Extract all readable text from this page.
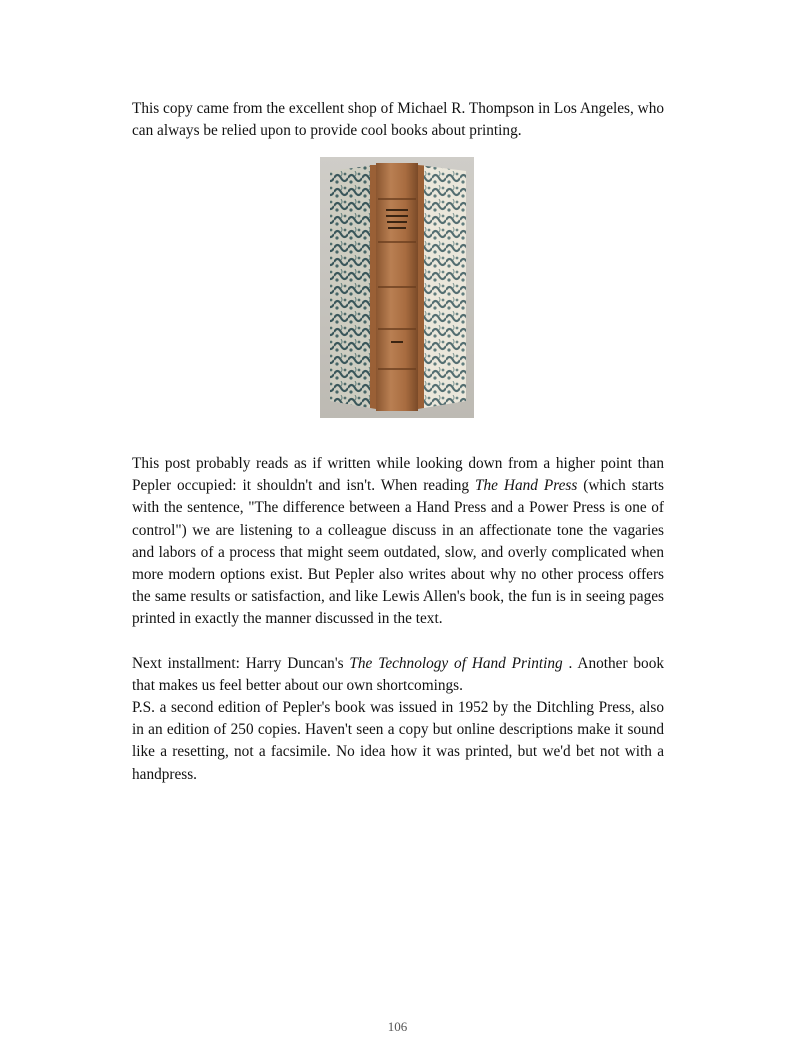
This copy came from the excellent shop of Michael R. Thompson in Los Angeles, who can always be relied upon to provide cool books about printing.

This post probably reads as if written while looking down from a higher point than Pepler occupied: it shouldn't and isn't. When reading The Hand Press (which starts with the sentence, "The difference between a Hand Press and a Power Press is one of control") we are listening to a colleague discuss in an affectionate tone the vagaries and labors of a process that might seem outdated, slow, and overly complicated when more modern options exist. But Pepler also writes about why no other process offers the same results or satisfaction, and like Lewis Allen's book, the fun is in seeing pages printed in exactly the manner discussed in the text.

Next installment: Harry Duncan's The Technology of Hand Printing . Another book that makes us feel better about our own shortcomings.

P.S. a second edition of Pepler's book was issued in 1952 by the Ditchling Press, also in an edition of 250 copies. Haven't seen a copy but online descriptions make it sound like a resetting, not a facsimile. No idea how it was printed, but we'd bet not with a handpress.

106
